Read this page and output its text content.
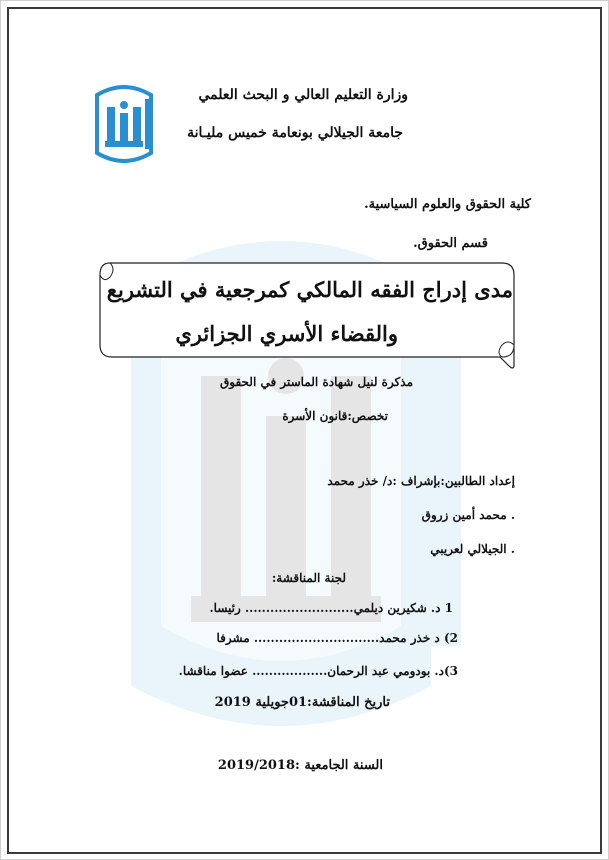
وزارة التعليم العالي و البحث العلمي
جامعة الجيلالي بونعامة خميس مليـانة
كلية الحقوق والعلوم السياسية.
قسم الحقوق.
مدى إدراج الفقه المالكي كمرجعية في التشريع
والقضاء الأسري الجزائري
مذكرة لنيل شهادة الماستر في الحقوق
تخصص:قانون الأسرة
إعداد الطالبين:بإشراف :د/ خذر محمد
. محمد أمين زروق
. الجيلالي لعريبي
لجنة المناقشة:
1 د. شكيرين ديلمي.......................... رئيسا.
2) د خذر محمد.............................. مشرفا
3)د. بودومي عبد الرحمان.................. عضوا مناقشا.
تاريخ المناقشة:01جويلية 2019
السنة الجامعية :2019/2018
